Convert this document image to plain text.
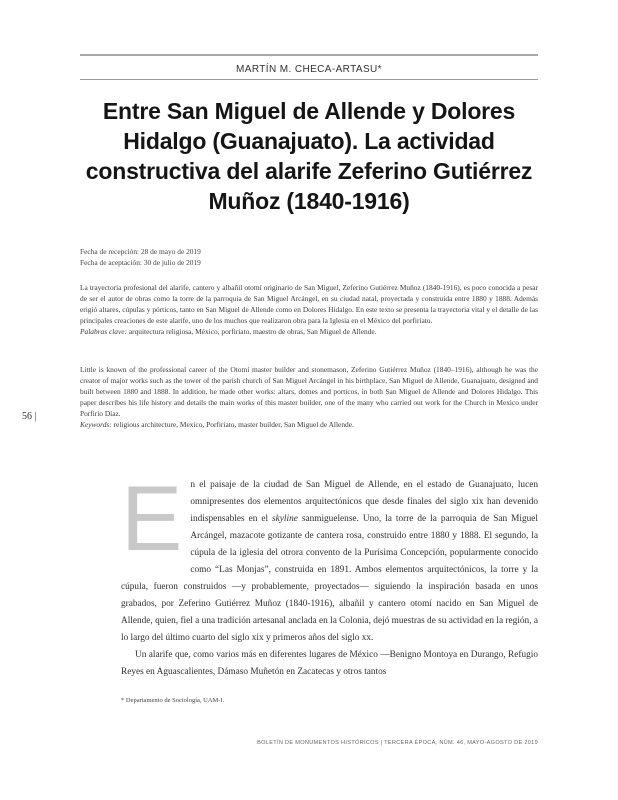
MARTÍN M. CHECA-ARTASU*
Entre San Miguel de Allende y Dolores Hidalgo (Guanajuato). La actividad constructiva del alarife Zeferino Gutiérrez Muñoz (1840-1916)
Fecha de recepción: 28 de mayo de 2019
Fecha de aceptación: 30 de julio de 2019

La trayectoria profesional del alarife, cantero y albañil otomí originario de San Miguel, Zeferino Gutiérrez Muñoz (1840-1916), es poco conocida a pesar de ser el autor de obras como la torre de la parroquia de San Miguel Arcángel, en su ciudad natal, proyectada y construida entre 1880 y 1888. Además erigió altares, cúpulas y pórticos, tanto en San Miguel de Allende como en Dolores Hidalgo. En este texto se presenta la trayectoria vital y el detalle de las principales creaciones de este alarife, uno de los muchos que realizaron obra para la Iglesia en el México del porfiriato.
Palabras clave: arquitectura religiosa, México, porfiriato, maestro de obras, San Miguel de Allende.

Little is known of the professional career of the Otomí master builder and stonemason, Zeferino Gutiérrez Muñoz (1840–1916), although he was the creator of major works such as the tower of the parish church of San Miguel Arcángel in his birthplace, San Miguel de Allende, Guanajuato, designed and built between 1880 and 1888. In addition, he made other works: altars, domes and porticos, in both San Miguel de Allende and Dolores Hidalgo. This paper describes his life history and details the main works of this master builder, one of the many who carried out work for the Church in Mexico under Porfirio Díaz.
Keywords: religious architecture, Mexico, Porfiriato, master builder, San Miguel de Allende.

56 |

En el paisaje de la ciudad de San Miguel de Allende, en el estado de Guanajuato, lucen omnipresentes dos elementos arquitectónicos que desde finales del siglo xix han devenido indispensables en el skyline sanmiguelense. Uno, la torre de la parroquia de San Miguel Arcángel, mazacote gotizante de cantera rosa, construido entre 1880 y 1888. El segundo, la cúpula de la iglesia del otrora convento de la Purísima Concepción, popularmente conocido como “Las Monjas”, construida en 1891. Ambos elementos arquitectónicos, la torre y la cúpula, fueron construidos —y probablemente, proyectados— siguiendo la inspiración basada en unos grabados, por Zeferino Gutiérrez Muñoz (1840-1916), albañil y cantero otomí nacido en San Miguel de Allende, quien, fiel a una tradición artesanal anclada en la Colonia, dejó muestras de su actividad en la región, a lo largo del último cuarto del siglo xix y primeros años del siglo xx.

Un alarife que, como varios más en diferentes lugares de México —Benigno Montoya en Durango, Refugio Reyes en Aguascalientes, Dámaso Muñetón en Zacatecas y otros tantos

* Departamento de Sociología, UAM-I.
BOLETÍN DE MONUMENTOS HISTÓRICOS | TERCERA ÉPOCA, NÚM. 46, MAYO-AGOSTO DE 2019
